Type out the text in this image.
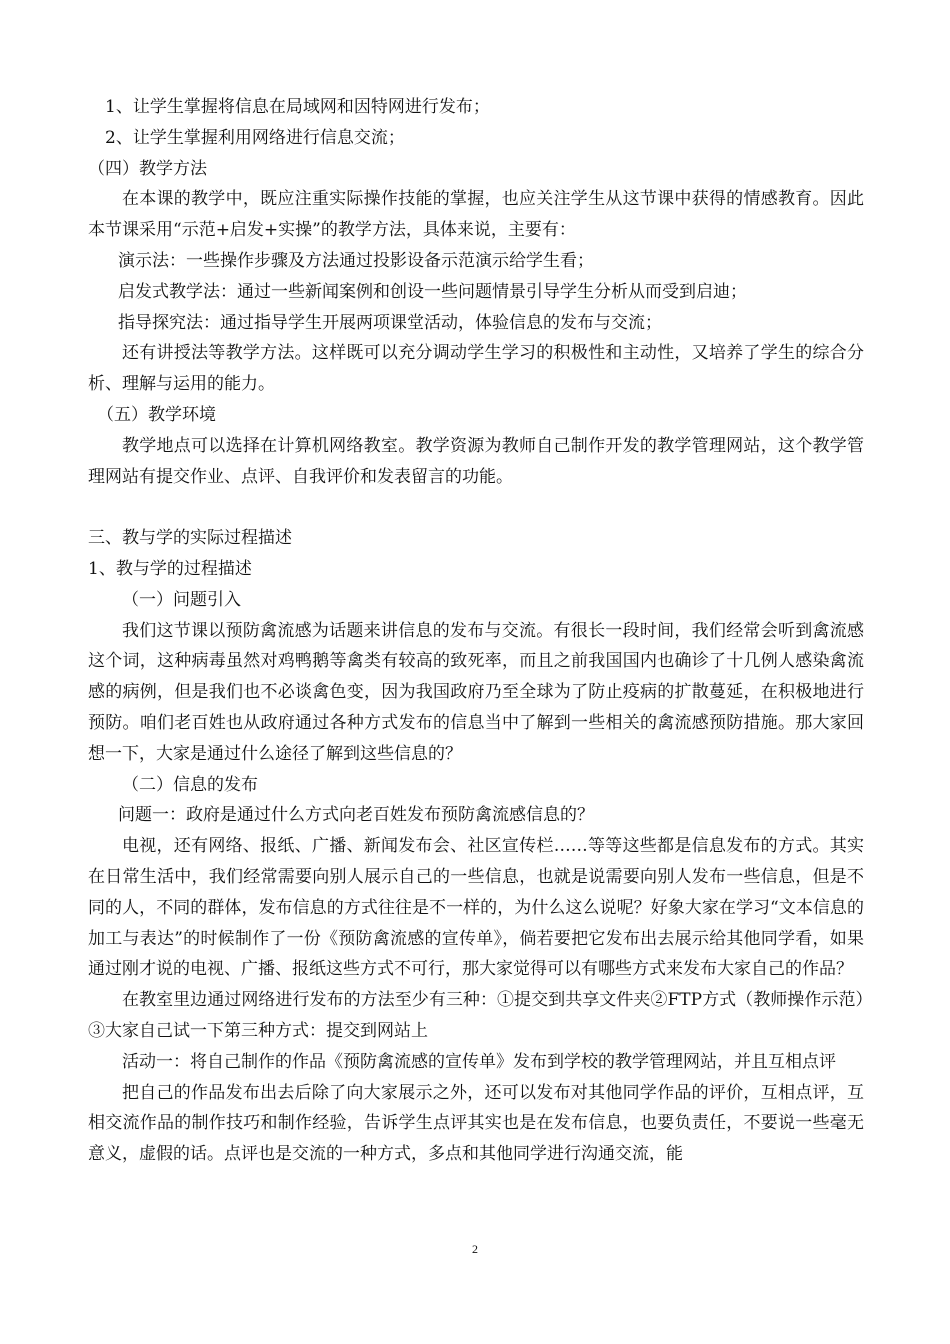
1、让学生掌握将信息在局域网和因特网进行发布；
2、让学生掌握利用网络进行信息交流；
（四）教学方法
在本课的教学中，既应注重实际操作技能的掌握，也应关注学生从这节课中获得的情感教育。因此本节课采用“示范+启发+实操”的教学方法，具体来说，主要有：
演示法：一些操作步骤及方法通过投影设备示范演示给学生看；
启发式教学法：通过一些新闻案例和创设一些问题情景引导学生分析从而受到启迪；
指导探究法：通过指导学生开展两项课堂活动，体验信息的发布与交流；
还有讲授法等教学方法。这样既可以充分调动学生学习的积极性和主动性，又培养了学生的综合分析、理解与运用的能力。
（五）教学环境
教学地点可以选择在计算机网络教室。教学资源为教师自己制作开发的教学管理网站，这个教学管理网站有提交作业、点评、自我评价和发表留言的功能。
三、教与学的实际过程描述
1、教与学的过程描述
（一）问题引入
我们这节课以预防禽流感为话题来讲信息的发布与交流。有很长一段时间，我们经常会听到禽流感这个词，这种病毒虽然对鸡鸭鹅等禽类有较高的致死率，而且之前我国国内也确诊了十几例人感染禽流感的病例，但是我们也不必谈禽色变，因为我国政府乃至全球为了防止疫病的扩散蔓延，在积极地进行预防。咱们老百姓也从政府通过各种方式发布的信息当中了解到一些相关的禽流感预防措施。那大家回想一下，大家是通过什么途径了解到这些信息的？
（二）信息的发布
问题一：政府是通过什么方式向老百姓发布预防禽流感信息的？
电视，还有网络、报纸、广播、新闻发布会、社区宣传栏……等等这些都是信息发布的方式。其实在日常生活中，我们经常需要向别人展示自己的一些信息，也就是说需要向别人发布一些信息，但是不同的人，不同的群体，发布信息的方式往往是不一样的，为什么这么说呢？好象大家在学习“文本信息的加工与表达”的时候制作了一份《预防禽流感的宣传单》，倘若要把它发布出去展示给其他同学看，如果通过刚才说的电视、广播、报纸这些方式不可行，那大家觉得可以有哪些方式来发布大家自己的作品？
在教室里边通过网络进行发布的方法至少有三种：①提交到共享文件夹②FTP方式（教师操作示范）③大家自己试一下第三种方式：提交到网站上
活动一：将自己制作的作品《预防禽流感的宣传单》发布到学校的教学管理网站，并且互相点评
把自己的作品发布出去后除了向大家展示之外，还可以发布对其他同学作品的评价，互相点评，互相交流作品的制作技巧和制作经验，告诉学生点评其实也是在发布信息，也要负责任，不要说一些毫无意义，虚假的话。点评也是交流的一种方式，多点和其他同学进行沟通交流，能
2
